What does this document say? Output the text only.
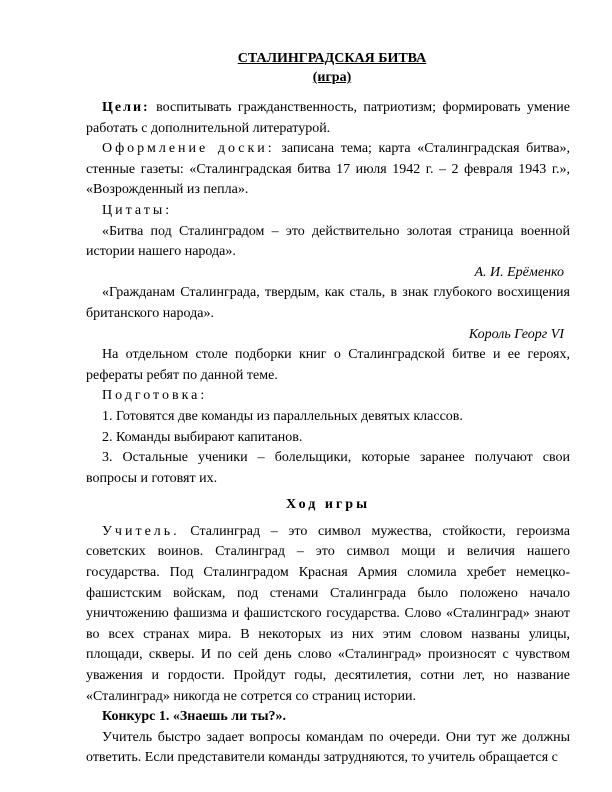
СТАЛИНГРАДСКАЯ БИТВА
(игра)

Цели: воспитывать гражданственность, патриотизм; формировать умение работать с дополнительной литературой.

Оформление доски: записана тема; карта «Сталинградская битва», стенные газеты: «Сталинградская битва 17 июля 1942 г. – 2 февраля 1943 г.», «Возрожденный из пепла».

Цитаты:

«Битва под Сталинградом – это действительно золотая страница военной истории нашего народа».

А. И. Ерёменко

«Гражданам Сталинграда, твердым, как сталь, в знак глубокого восхищения британского народа».

Король Георг VI

На отдельном столе подборки книг о Сталинградской битве и ее героях, рефераты ребят по данной теме.

Подготовка:

1. Готовятся две команды из параллельных девятых классов.

2. Команды выбирают капитанов.

3. Остальные ученики – болельщики, которые заранее получают свои вопросы и готовят их.

Ход игры

Учитель. Сталинград – это символ мужества, стойкости, героизма советских воинов. Сталинград – это символ мощи и величия нашего государства. Под Сталинградом Красная Армия сломила хребет немецко-фашистским войскам, под стенами Сталинграда было положено начало уничтожению фашизма и фашистского государства. Слово «Сталинград» знают во всех странах мира. В некоторых из них этим словом названы улицы, площади, скверы. И по сей день слово «Сталинград» произносят с чувством уважения и гордости. Пройдут годы, десятилетия, сотни лет, но название «Сталинград» никогда не сотрется со страниц истории.

Конкурс 1. «Знаешь ли ты?».

Учитель быстро задает вопросы командам по очереди. Они тут же должны ответить. Если представители команды затрудняются, то учитель обращается с
